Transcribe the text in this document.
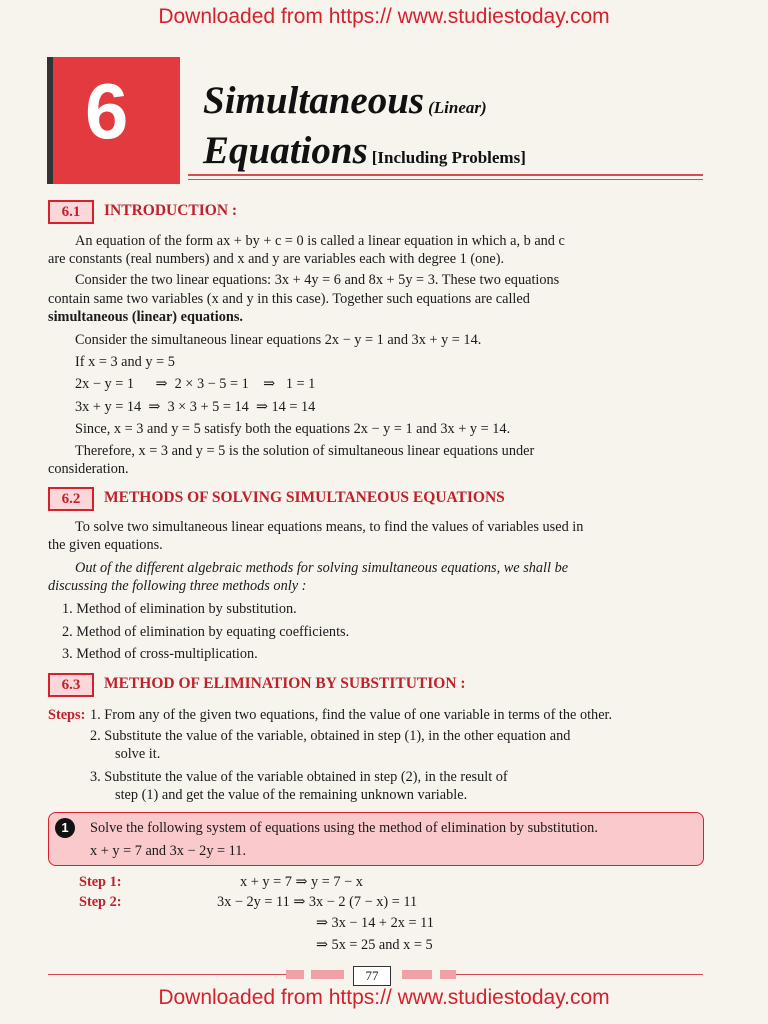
Downloaded from https:// www.studiestoday.com
6 Simultaneous (Linear)
Equations [Including Problems]
6.1	INTRODUCTION :
An equation of the form ax + by + c = 0 is called a linear equation in which a, b and c
are constants (real numbers) and x and y are variables each with degree 1 (one).
Consider the two linear equations: 3x + 4y = 6 and 8x + 5y = 3. These two equations
contain same two variables (x and y in this case). Together such equations are called
simultaneous (linear) equations.
Consider the simultaneous linear equations 2x − y = 1 and 3x + y = 14.
If x = 3 and y = 5
2x − y = 1      ⇒  2 × 3 − 5 = 1    ⇒   1 = 1
3x + y = 14  ⇒  3 × 3 + 5 = 14  ⇒ 14 = 14
Since, x = 3 and y = 5 satisfy both the equations 2x − y = 1 and 3x + y = 14.
Therefore, x = 3 and y = 5 is the solution of simultaneous linear equations under
consideration.
6.2	METHODS OF SOLVING SIMULTANEOUS EQUATIONS
To solve two simultaneous linear equations means, to find the values of variables used in
the given equations.
Out of the different algebraic methods for solving simultaneous equations, we shall be
discussing the following three methods only :
1. Method of elimination by substitution.
2. Method of elimination by equating coefficients.
3. Method of cross-multiplication.
6.3	METHOD OF ELIMINATION BY SUBSTITUTION :
Steps: 1. From any of the given two equations, find the value of one variable in terms of the other.
2. Substitute the value of the variable, obtained in step (1), in the other equation and
solve it.
3. Substitute the value of the variable obtained in step (2), in the result of
step (1) and get the value of the remaining unknown variable.
1	Solve the following system of equations using the method of elimination by substitution.
x + y = 7 and 3x − 2y = 11.
Step 1:	x + y = 7 ⇒ y = 7 − x
Step 2:	3x − 2y = 11 ⇒ 3x − 2 (7 − x) = 11
⇒ 3x − 14 + 2x = 11
⇒ 5x = 25 and x = 5
77
Downloaded from https:// www.studiestoday.com
